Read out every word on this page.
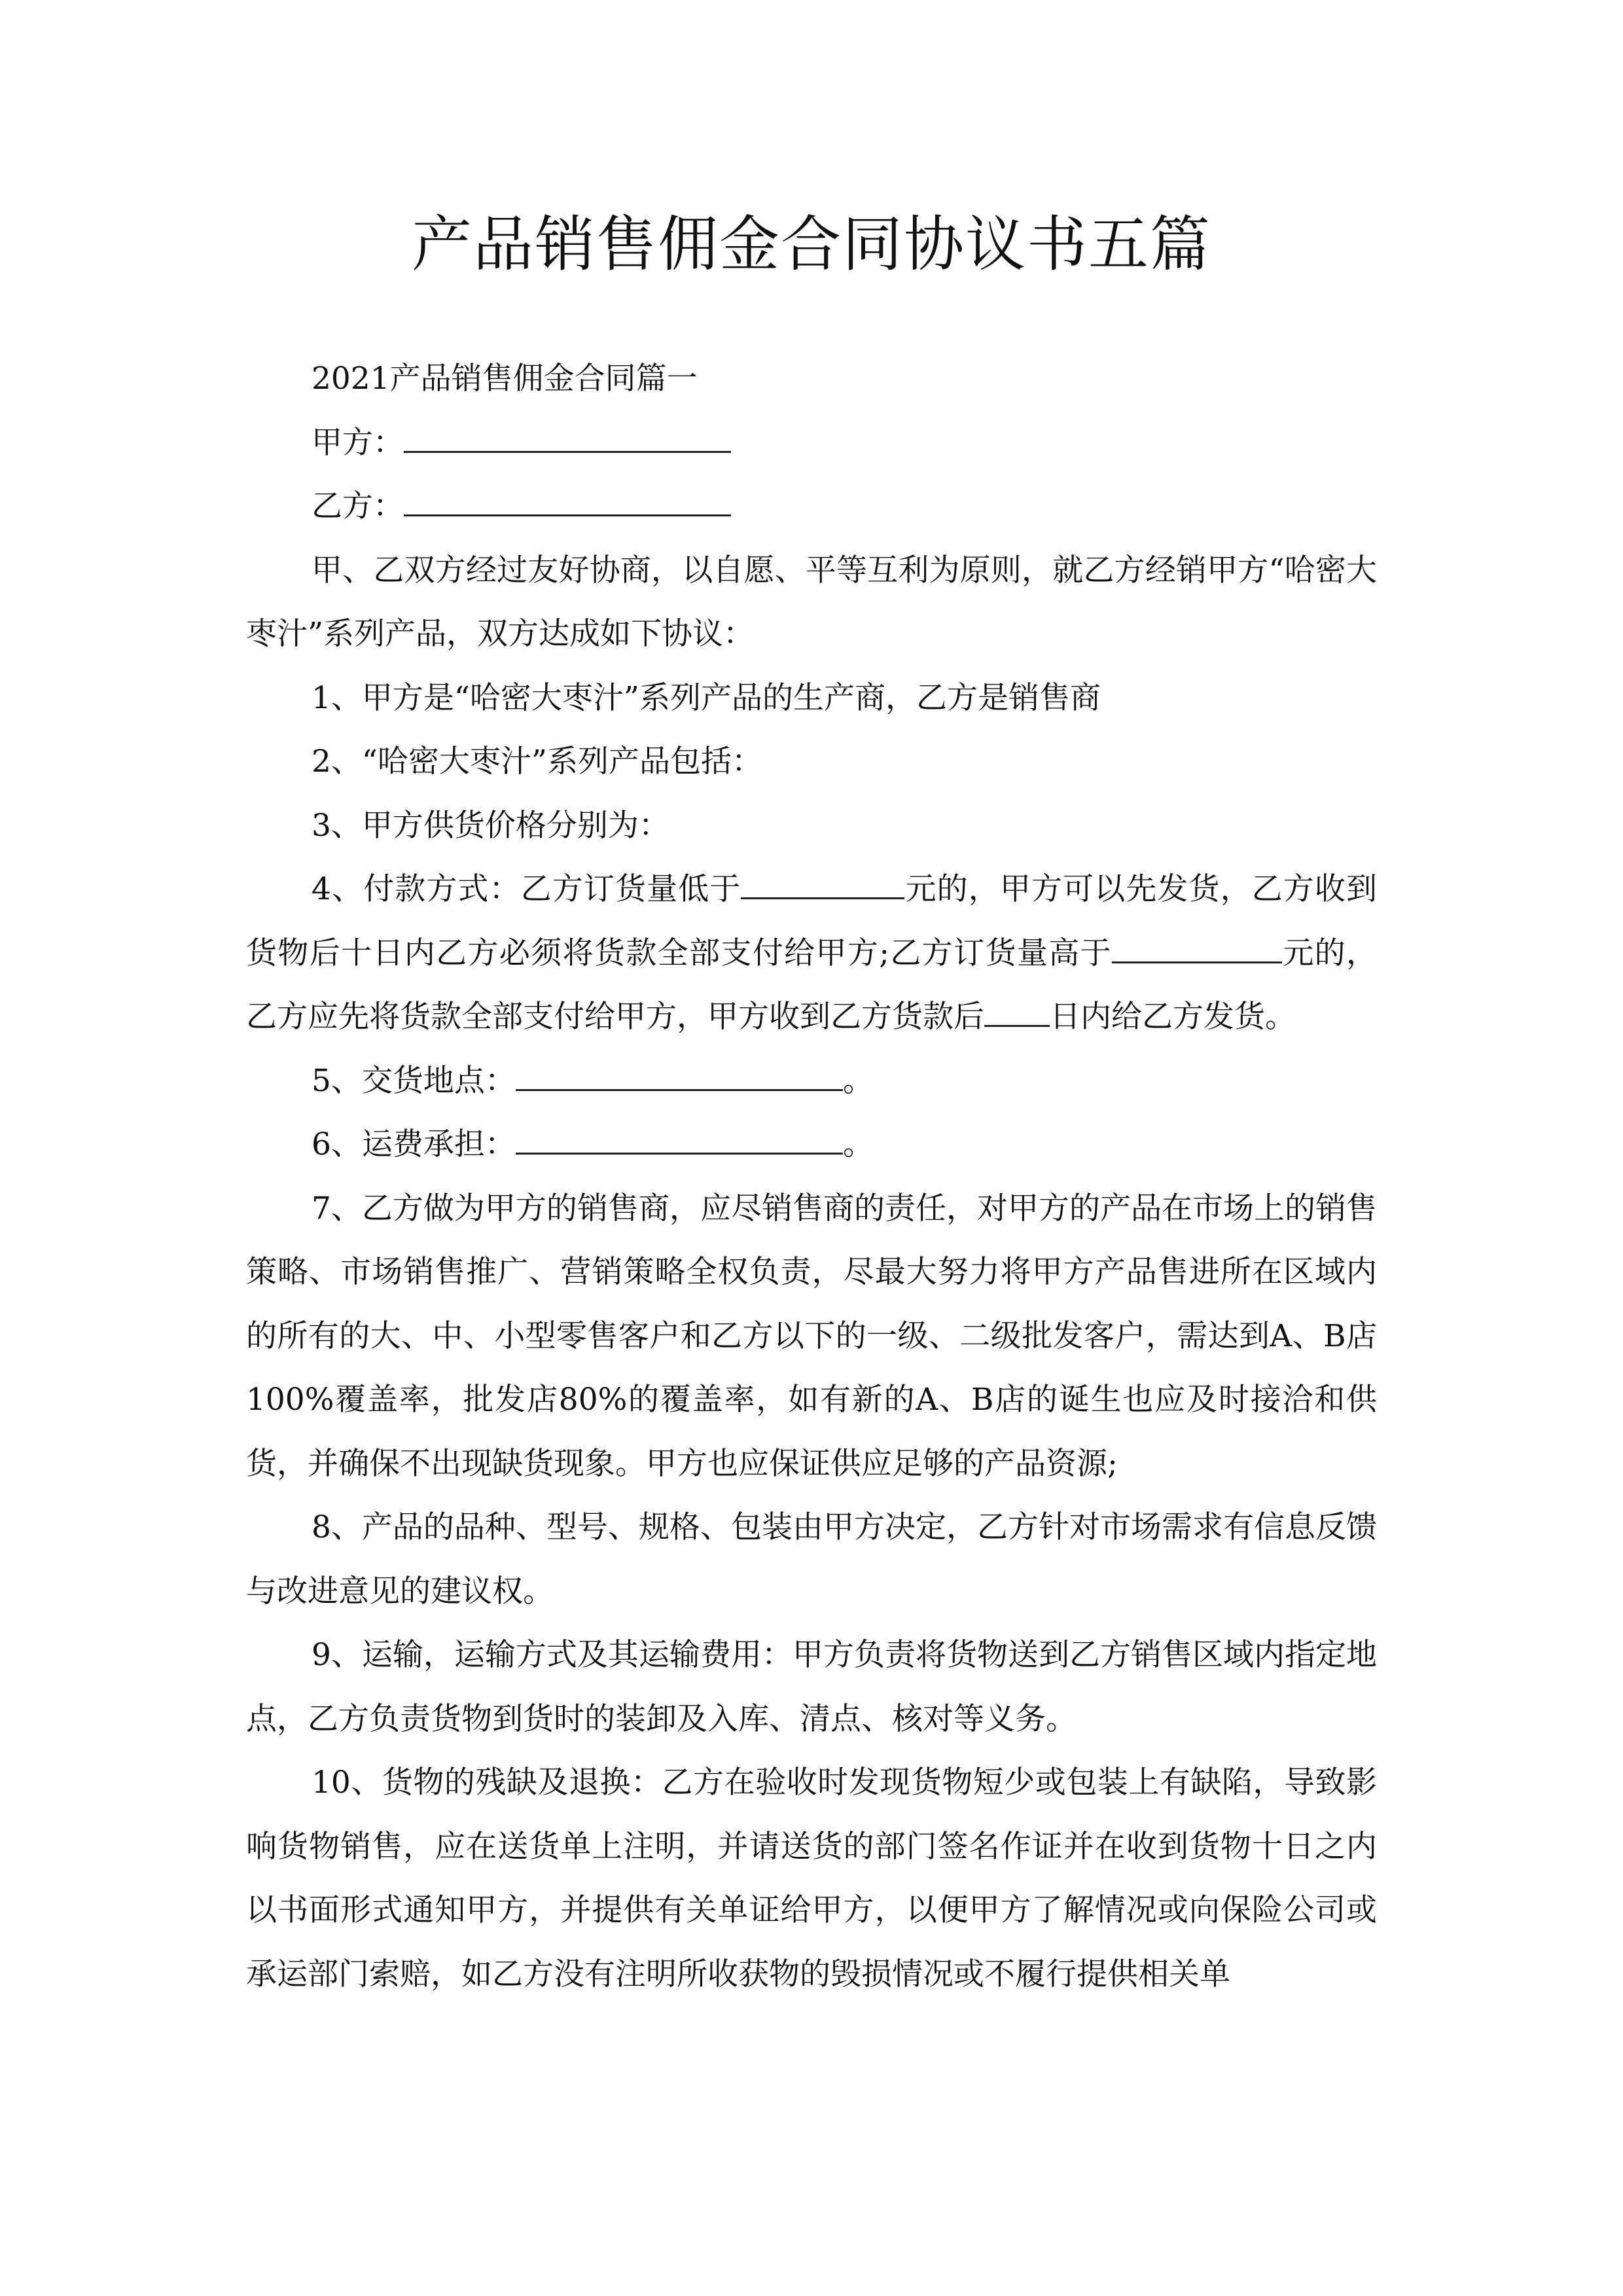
产品销售佣金合同协议书五篇

2021产品销售佣金合同篇一

甲方：

乙方：

甲、乙双方经过友好协商，以自愿、平等互利为原则，就乙方经销甲方“哈密大枣汁”系列产品，双方达成如下协议：

1、甲方是“哈密大枣汁”系列产品的生产商，乙方是销售商

2、“哈密大枣汁”系列产品包括：

3、甲方供货价格分别为：

4、付款方式：乙方订货量低于	元的，甲方可以先发货，乙方收到货物后十日内乙方必须将货款全部支付给甲方;乙方订货量高于	元的，乙方应先将货款全部支付给甲方，甲方收到乙方货款后 日内给乙方发货。

5、交货地点：	。

6、运费承担：	。

7、乙方做为甲方的销售商，应尽销售商的责任，对甲方的产品在市场上的销售策略、市场销售推广、营销策略全权负责，尽最大努力将甲方产品售进所在区域内的所有的大、中、小型零售客户和乙方以下的一级、二级批发客户，需达到A、B店100%覆盖率，批发店80%的覆盖率，如有新的A、B店的诞生也应及时接洽和供货，并确保不出现缺货现象。甲方也应保证供应足够的产品资源;

8、产品的品种、型号、规格、包装由甲方决定，乙方针对市场需求有信息反馈与改进意见的建议权。

9、运输，运输方式及其运输费用：甲方负责将货物送到乙方销售区域内指定地点，乙方负责货物到货时的装卸及入库、清点、核对等义务。

10、货物的残缺及退换：乙方在验收时发现货物短少或包装上有缺陷，导致影响货物销售，应在送货单上注明，并请送货的部门签名作证并在收到货物十日之内以书面形式通知甲方，并提供有关单证给甲方，以便甲方了解情况或向保险公司或承运部门索赔，如乙方没有注明所收获物的毁损情况或不履行提供相关单
